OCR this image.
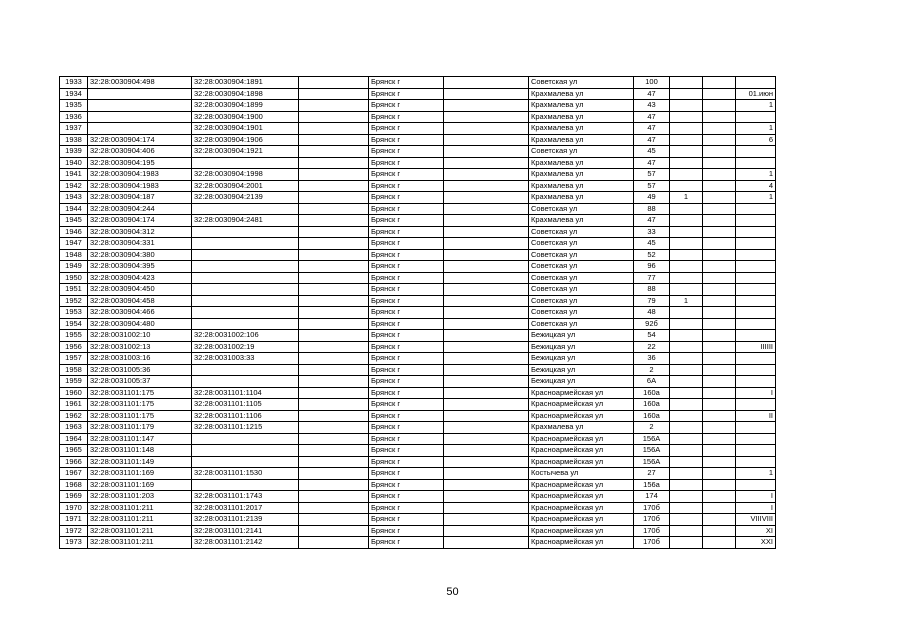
1933	32:28:0030904:498	32:28:0030904:1891		Брянск г		Советская ул	100			
1934		32:28:0030904:1898		Брянск г		Крахмалева ул	47			01.июн
1935		32:28:0030904:1899		Брянск г		Крахмалева ул	43			1
1936		32:28:0030904:1900		Брянск г		Крахмалева ул	47			
1937		32:28:0030904:1901		Брянск г		Крахмалева ул	47			1
1938	32:28:0030904:174	32:28:0030904:1906		Брянск г		Крахмалева ул	47			6
1939	32:28:0030904:406	32:28:0030904:1921		Брянск г		Советская ул	45			
1940	32:28:0030904:195			Брянск г		Крахмалева ул	47			
1941	32:28:0030904:1983	32:28:0030904:1998		Брянск г		Крахмалева ул	57			1
1942	32:28:0030904:1983	32:28:0030904:2001		Брянск г		Крахмалева ул	57			4
1943	32:28:0030904:187	32:28:0030904:2139		Брянск г		Крахмалева ул	49	1		1
1944	32:28:0030904:244			Брянск г		Советская ул	88			
1945	32:28:0030904:174	32:28:0030904:2481		Брянск г		Крахмалева ул	47			
1946	32:28:0030904:312			Брянск г		Советская ул	33			
1947	32:28:0030904:331			Брянск г		Советская ул	45			
1948	32:28:0030904:380			Брянск г		Советская ул	52			
1949	32:28:0030904:395			Брянск г		Советская ул	96			
1950	32:28:0030904:423			Брянск г		Советская ул	77			
1951	32:28:0030904:450			Брянск г		Советская ул	88			
1952	32:28:0030904:458			Брянск г		Советская ул	79	1		
1953	32:28:0030904:466			Брянск г		Советская ул	48			
1954	32:28:0030904:480			Брянск г		Советская ул	92б			
1955	32:28:0031002:10	32:28:0031002:106		Брянск г		Бежицкая ул	54			
1956	32:28:0031002:13	32:28:0031002:19		Брянск г		Бежицкая ул	22			IIIIII
1957	32:28:0031003:16	32:28:0031003:33		Брянск г		Бежицкая ул	36			
1958	32:28:0031005:36			Брянск г		Бежицкая ул	2			
1959	32:28:0031005:37			Брянск г		Бежицкая ул	6А			
1960	32:28:0031101:175	32:28:0031101:1104		Брянск г		Красноармейская ул	160а			I
1961	32:28:0031101:175	32:28:0031101:1105		Брянск г		Красноармейская ул	160а			
1962	32:28:0031101:175	32:28:0031101:1106		Брянск г		Красноармейская ул	160а			II
1963	32:28:0031101:179	32:28:0031101:1215		Брянск г		Крахмалева ул	2			
1964	32:28:0031101:147			Брянск г		Красноармейская ул	156А			
1965	32:28:0031101:148			Брянск г		Красноармейская ул	156А			
1966	32:28:0031101:149			Брянск г		Красноармейская ул	156А			
1967	32:28:0031101:169	32:28:0031101:1530		Брянск г		Костычева ул	27			1
1968	32:28:0031101:169			Брянск г		Красноармейская ул	156а			
1969	32:28:0031101:203	32:28:0031101:1743		Брянск г		Красноармейская ул	174			I
1970	32:28:0031101:211	32:28:0031101:2017		Брянск г		Красноармейская ул	170б			I
1971	32:28:0031101:211	32:28:0031101:2139		Брянск г		Красноармейская ул	170б			VIIIVIII
1972	32:28:0031101:211	32:28:0031101:2141		Брянск г		Красноармейская ул	170б			XI
1973	32:28:0031101:211	32:28:0031101:2142		Брянск г		Красноармейская ул	170б			XXI
50
